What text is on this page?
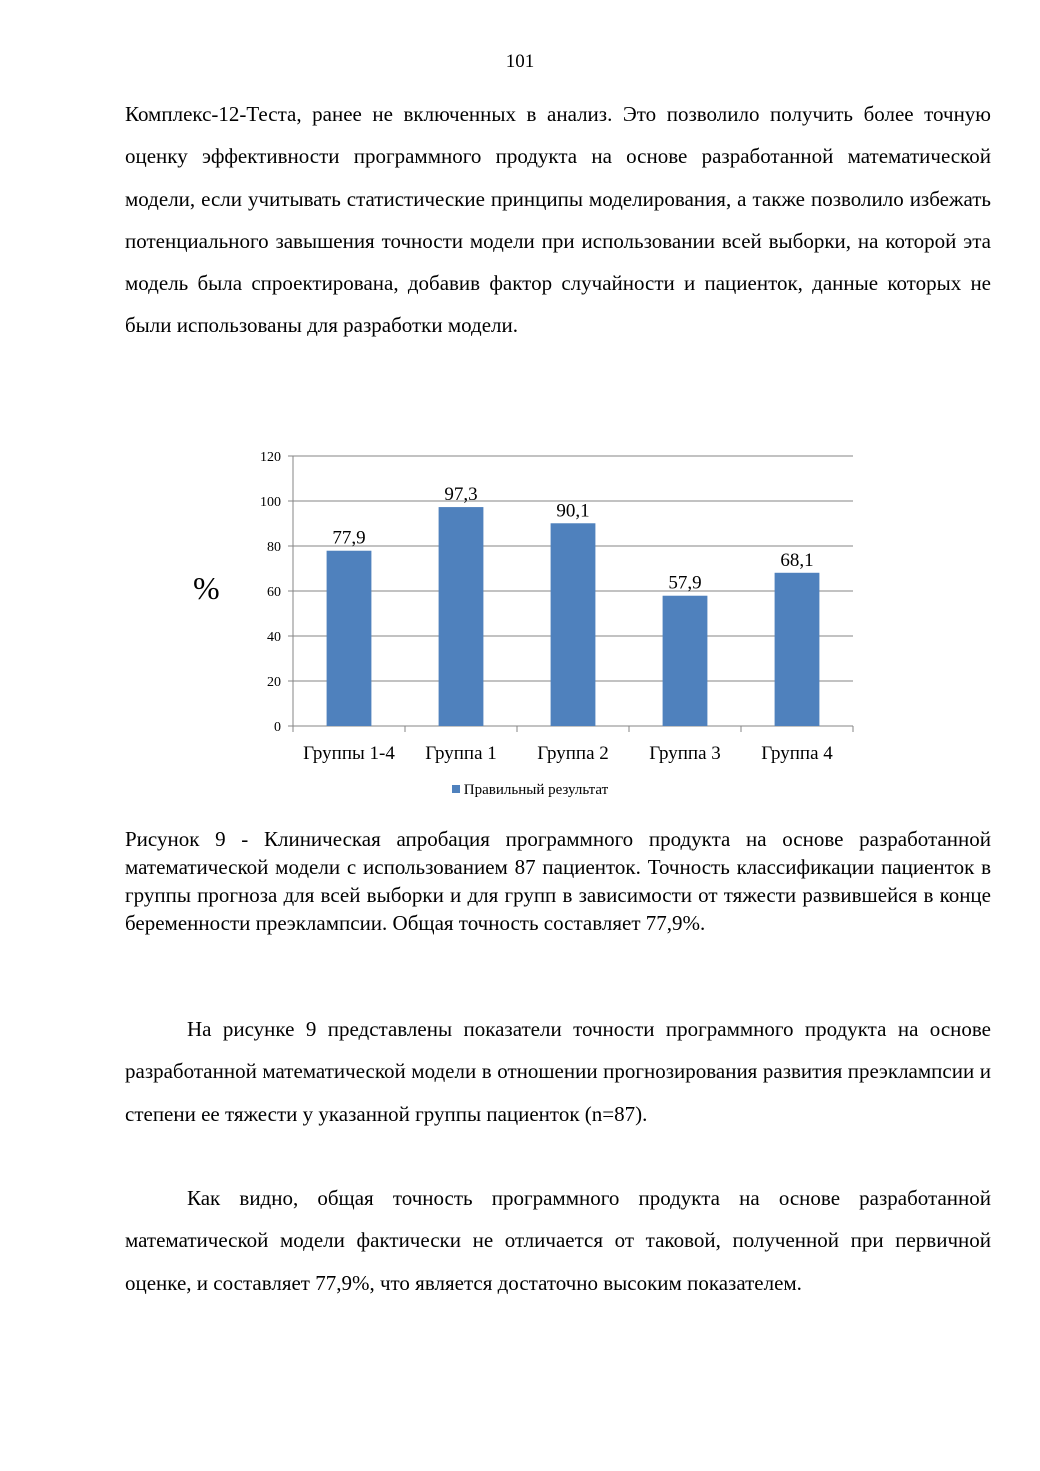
101

Комплекс-12-Теста, ранее не включенных в анализ. Это позволило получить более точную оценку эффективности программного продукта на основе разработанной математической модели, если учитывать статистические принципы моделирования, а также позволило избежать потенциального завышения точности модели при использовании всей выборки, на которой эта модель была спроектирована, добавив фактор случайности и пациенток, данные которых не были использованы для разработки модели.

%
0
20
40
60
80
100
120
77,9
Группы 1-4
97,3
Группа 1
90,1
Группа 2
57,9
Группа 3
68,1
Группа 4
Правильный результат

Рисунок 9 - Клиническая апробация программного продукта на основе разработанной математической модели с использованием 87 пациенток. Точность классификации пациенток в группы прогноза для всей выборки и для групп в зависимости от тяжести развившейся в конце беременности преэклампсии. Общая точность составляет 77,9%.

На рисунке 9 представлены показатели точности программного продукта на основе разработанной математической модели в отношении прогнозирования развития преэклампсии и степени ее тяжести у указанной группы пациенток (n=87).

Как видно, общая точность программного продукта на основе разработанной математической модели фактически не отличается от таковой, полученной при первичной оценке, и составляет 77,9%, что является достаточно высоким показателем.
